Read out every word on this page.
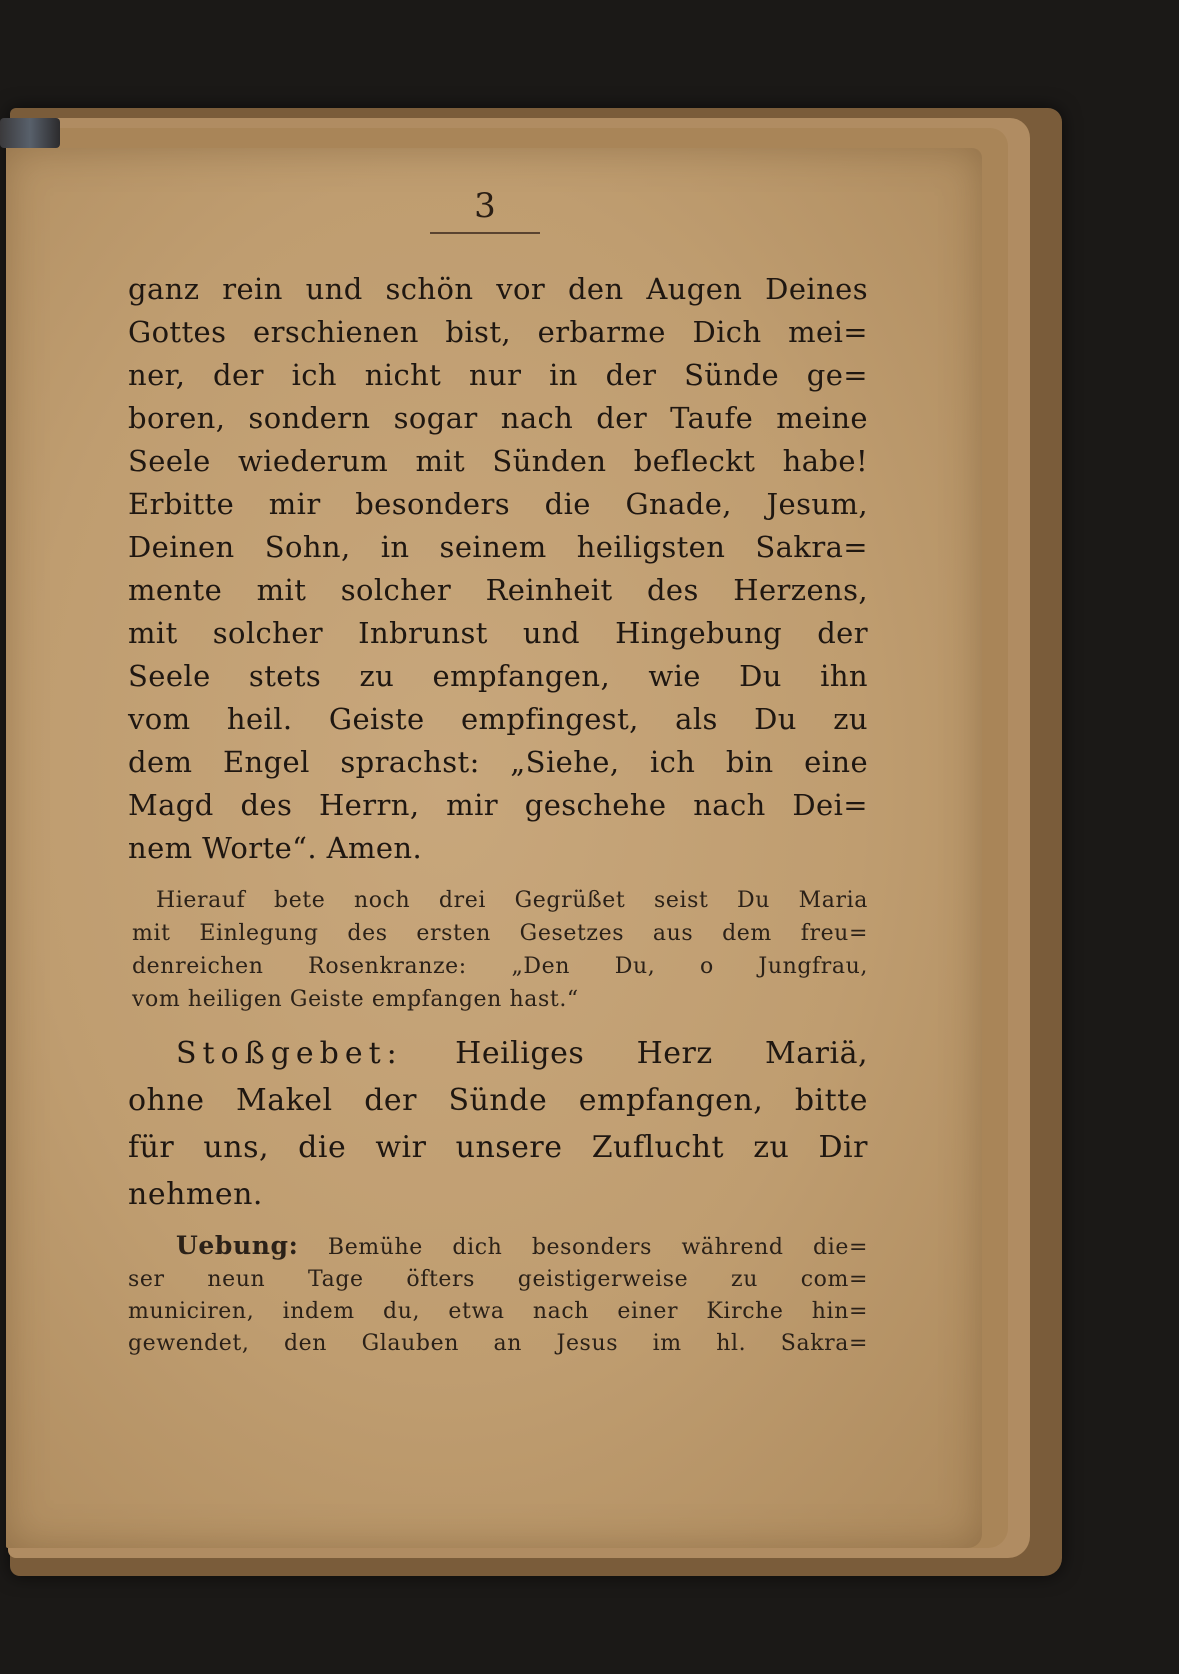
3
ganz rein und schön vor den Augen Deines
Gottes erschienen bist, erbarme Dich mei=
ner, der ich nicht nur in der Sünde ge=
boren, sondern sogar nach der Taufe meine
Seele wiederum mit Sünden befleckt habe!
Erbitte mir besonders die Gnade, Jesum,
Deinen Sohn, in seinem heiligsten Sakra=
mente mit solcher Reinheit des Herzens,
mit solcher Inbrunst und Hingebung der
Seele stets zu empfangen, wie Du ihn
vom heil. Geiste empfingest, als Du zu
dem Engel sprachst: „Siehe, ich bin eine
Magd des Herrn, mir geschehe nach Dei=
nem Worte“. Amen.
Hierauf bete noch drei Gegrüßet seist Du Maria
mit Einlegung des ersten Gesetzes aus dem freu=
denreichen Rosenkranze: „Den Du, o Jungfrau,
vom heiligen Geiste empfangen hast.“
Stoßgebet: Heiliges Herz Mariä,
ohne Makel der Sünde empfangen, bitte
für uns, die wir unsere Zuflucht zu Dir
nehmen.
Uebung: Bemühe dich besonders während die=
ser neun Tage öfters geistigerweise zu com=
municiren, indem du, etwa nach einer Kirche hin=
gewendet, den Glauben an Jesus im hl. Sakra=
